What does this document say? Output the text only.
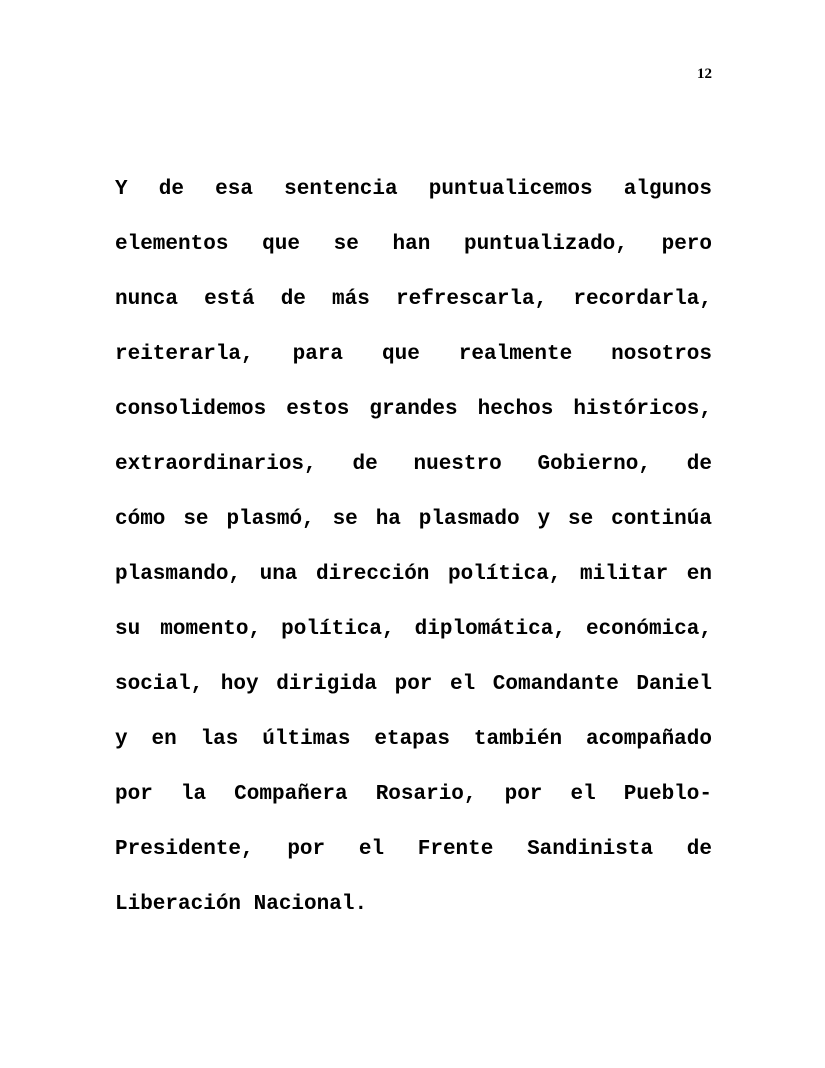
12
Y de esa sentencia puntualicemos algunos
elementos que se han puntualizado, pero
nunca está de más refrescarla, recordarla,
reiterarla, para que realmente nosotros
consolidemos estos grandes hechos históricos,
extraordinarios, de nuestro Gobierno, de
cómo se plasmó, se ha plasmado y se continúa
plasmando, una dirección política, militar en
su momento, política, diplomática, económica,
social, hoy dirigida por el Comandante Daniel
y en las últimas etapas también acompañado
por la Compañera Rosario, por el Pueblo-
Presidente, por el Frente Sandinista de
Liberación Nacional.
